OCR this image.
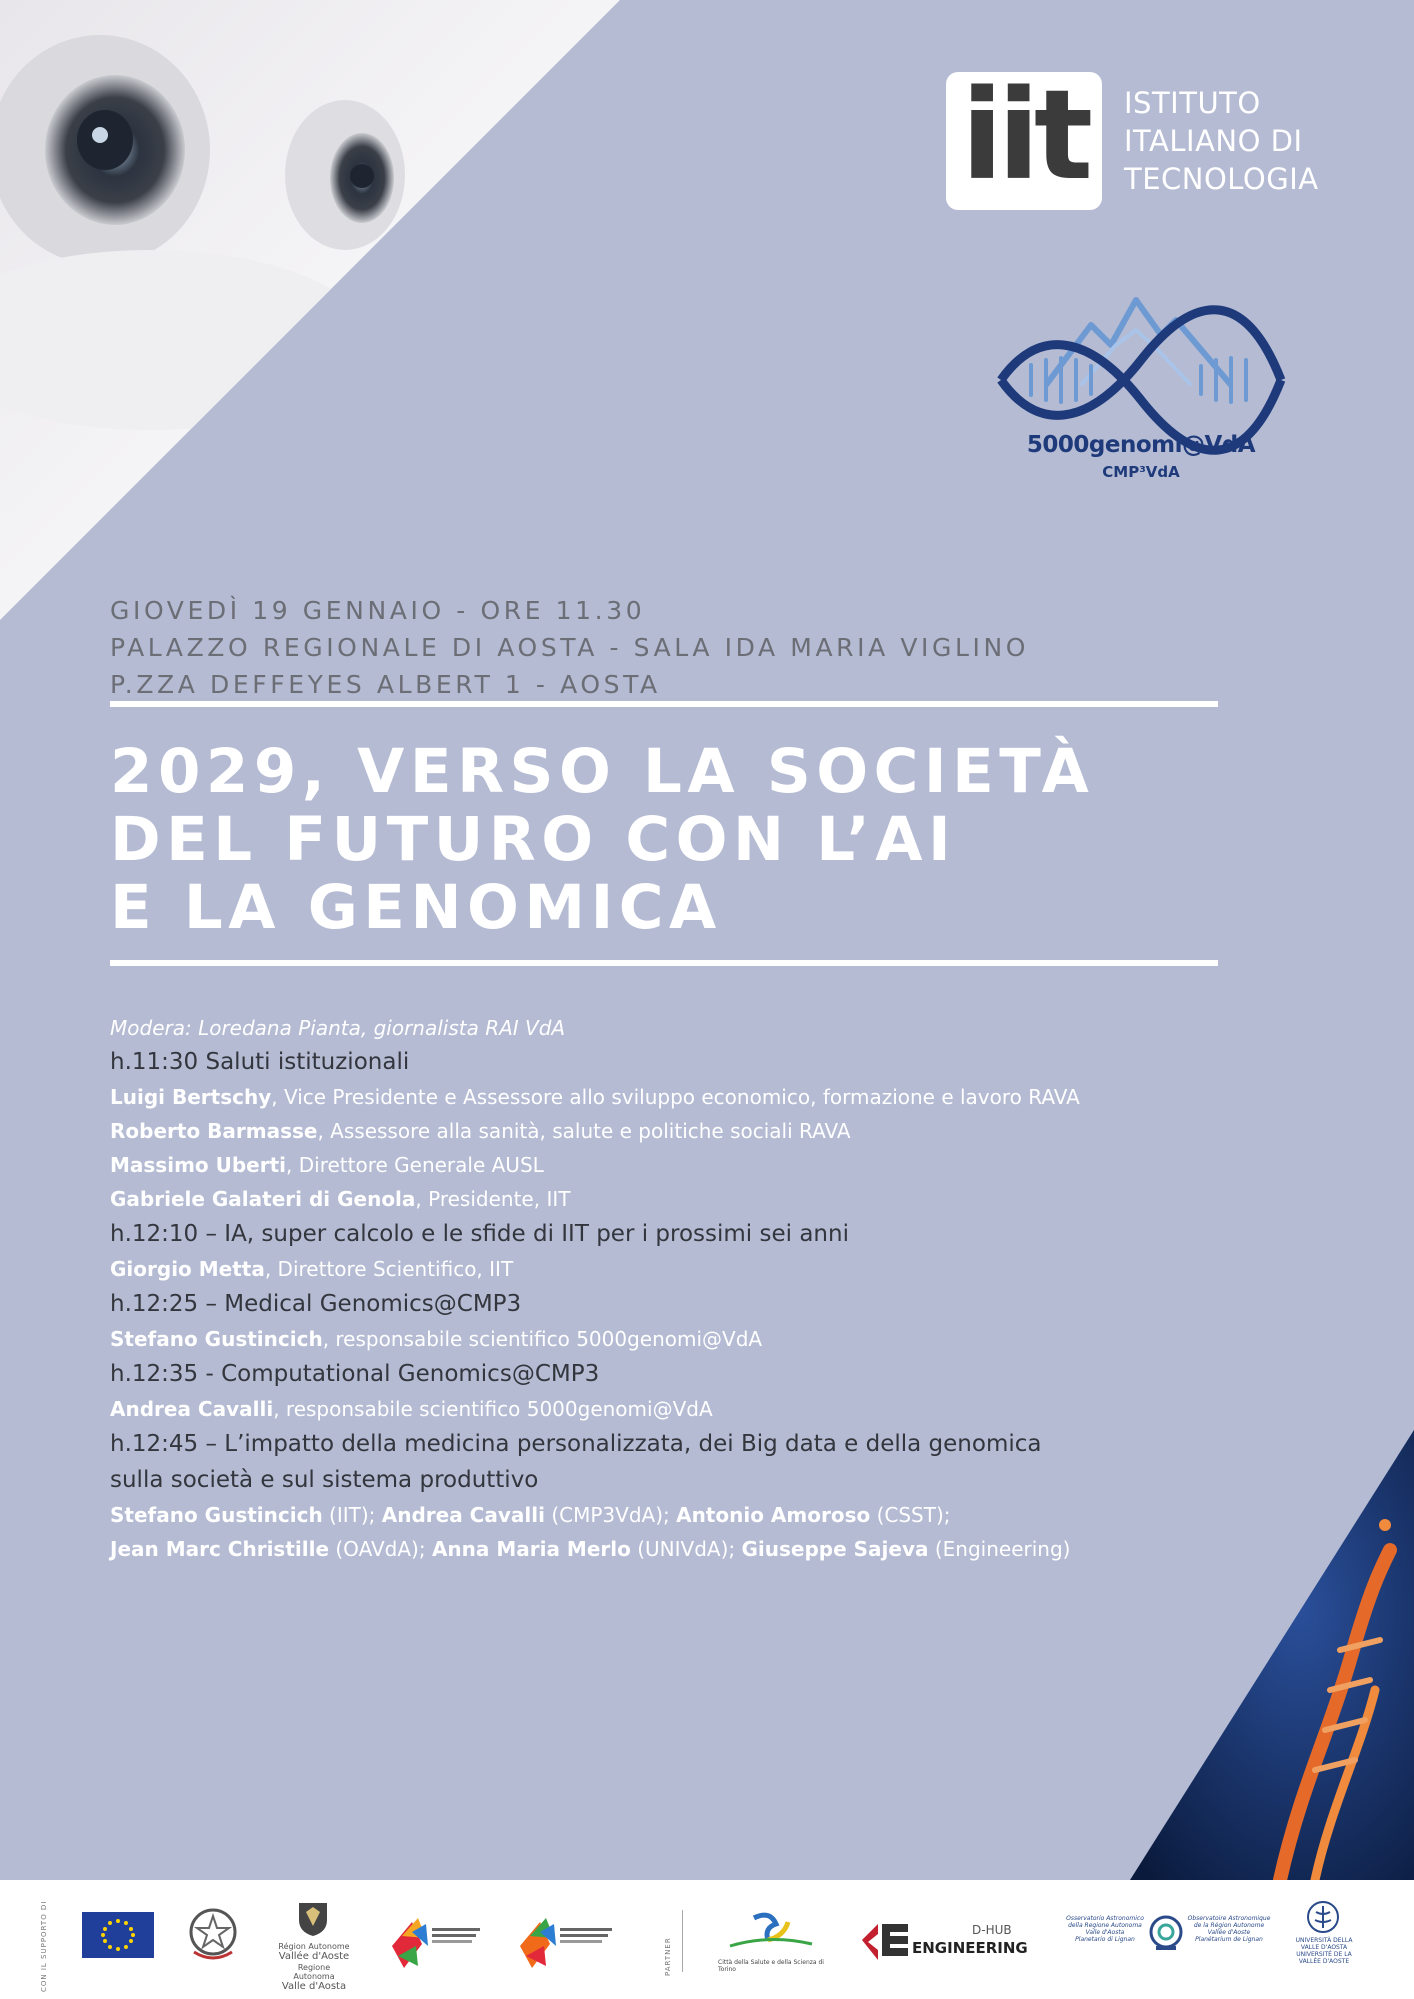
iit	ISTITUTO
ITALIANO DI
TECNOLOGIA
5000genomi@VdA
CMP³VdA
GIOVEDÌ 19 GENNAIO - ORE 11.30
PALAZZO REGIONALE DI AOSTA - SALA IDA MARIA VIGLINO
P.ZZA DEFFEYES ALBERT 1 - AOSTA
2029, VERSO LA SOCIETÀ
DEL FUTURO CON L’AI
E LA GENOMICA
Modera: Loredana Pianta, giornalista RAI VdA
h.11:30 Saluti istituzionali
Luigi Bertschy, Vice Presidente e Assessore allo sviluppo economico, formazione e lavoro RAVA
Roberto Barmasse, Assessore alla sanità, salute e politiche sociali RAVA
Massimo Uberti, Direttore Generale AUSL
Gabriele Galateri di Genola, Presidente, IIT
h.12:10 – IA, super calcolo e le sfide di IIT per i prossimi sei anni
Giorgio Metta, Direttore Scientifico, IIT
h.12:25 – Medical Genomics@CMP3
Stefano Gustincich, responsabile scientifico 5000genomi@VdA
h.12:35 - Computational Genomics@CMP3
Andrea Cavalli, responsabile scientifico 5000genomi@VdA
h.12:45 – L’impatto della medicina personalizzata, dei Big data e della genomica
sulla società e sul sistema produttivo
Stefano Gustincich (IIT); Andrea Cavalli (CMP3VdA); Antonio Amoroso (CSST);
Jean Marc Christille (OAVdA); Anna Maria Merlo (UNIVdA); Giuseppe Sajeva (Engineering)
CON IL SUPPORTO DI	Région Autonome
Vallée d'Aoste
Regione Autonoma
Valle d'Aosta
PARTNER	Città della Salute e della Scienza di Torino
D-HUB
ENGINEERING
Osservatorio Astronomico
della Regione Autonoma
Valle d'Aosta
Planetario di Lignan
Observatoire Astronomique
de la Région Autonome
Vallée d'Aoste
Planétarium de Lignan	UNIVERSITÀ DELLA
VALLE D'AOSTA
UNIVERSITÉ DE LA
VALLÉE D'AOSTE
